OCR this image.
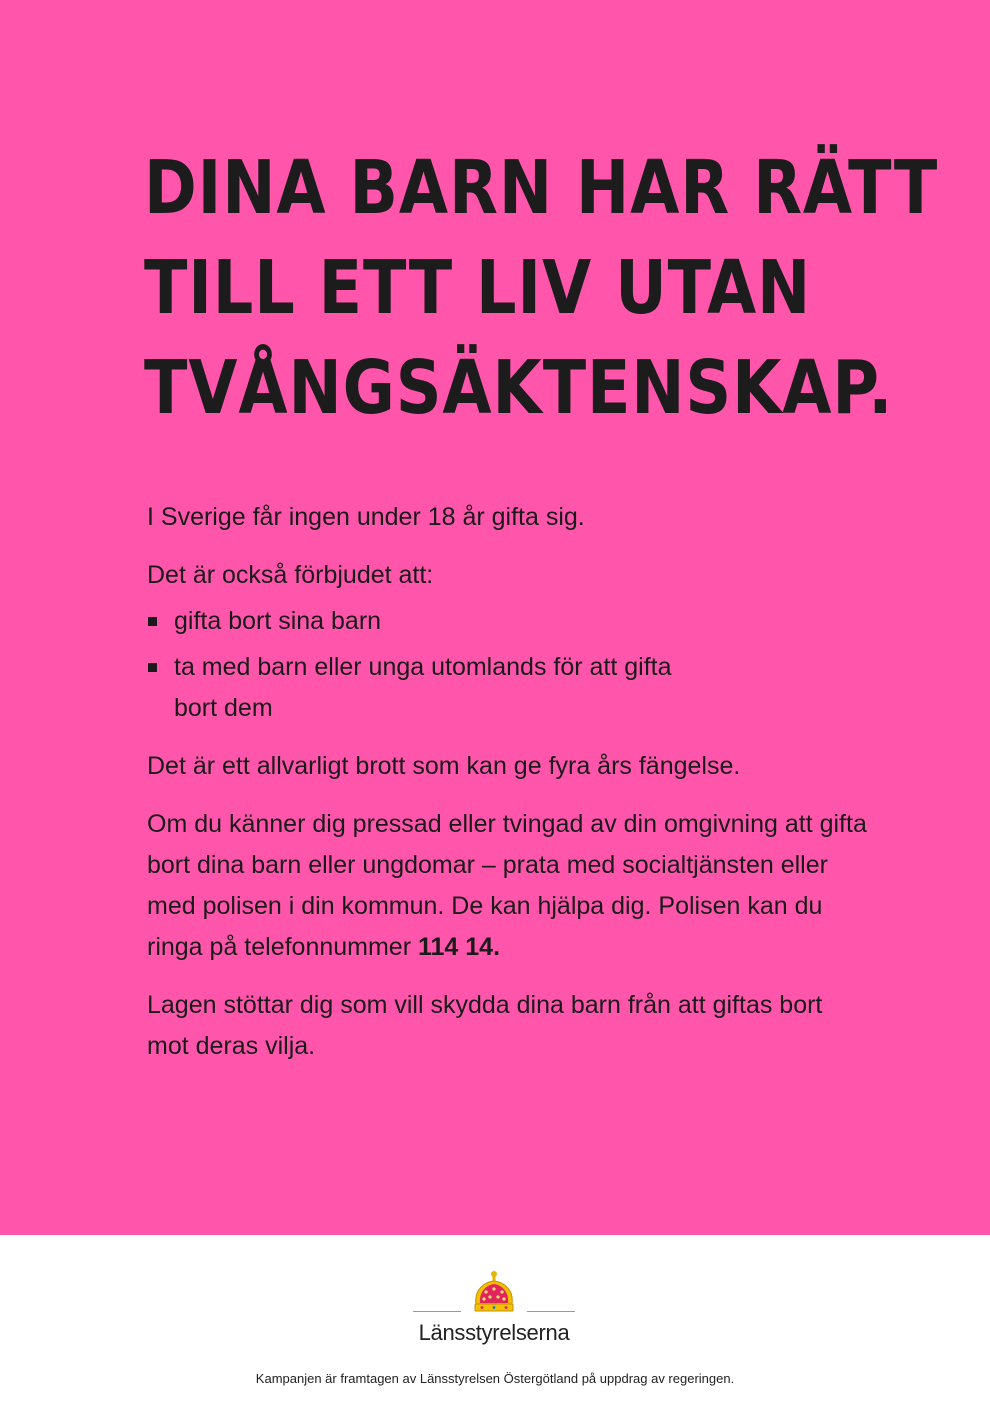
DINA BARN HAR RÄTT
TILL ETT LIV UTAN
TVÅNGSÄKTENSKAP.

I Sverige får ingen under 18 år gifta sig.

Det är också förbjudet att:

gifta bort sina barn
ta med barn eller unga utomlands för att gifta bort dem

Det är ett allvarligt brott som kan ge fyra års fängelse.

Om du känner dig pressad eller tvingad av din omgivning att gifta bort dina barn eller ungdomar – prata med socialtjänsten eller med polisen i din kommun. De kan hjälpa dig. Polisen kan du ringa på telefonnummer 114 14.

Lagen stöttar dig som vill skydda dina barn från att giftas bort mot deras vilja.

Länsstyrelserna
Kampanjen är framtagen av Länsstyrelsen Östergötland på uppdrag av regeringen.
